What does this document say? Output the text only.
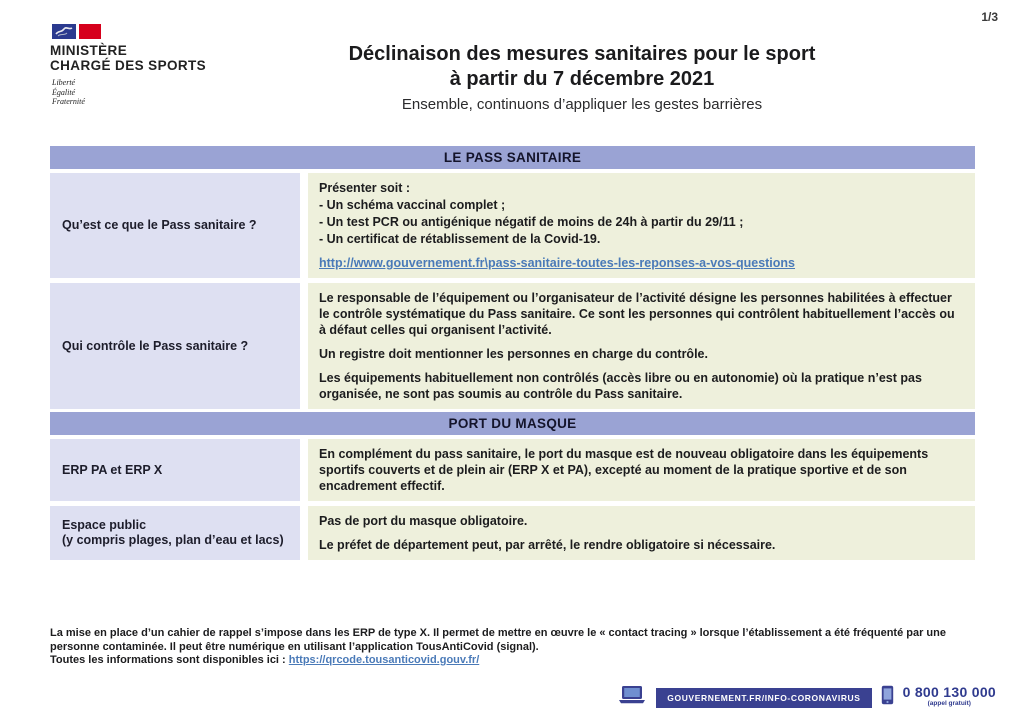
1/3
MINISTÈRE
CHARGÉ DES SPORTS
Liberté
Égalité
Fraternité
Déclinaison des mesures sanitaires pour le sport
à partir du 7 décembre 2021
Ensemble, continuons d’appliquer les gestes barrières
LE PASS SANITAIRE
Qu’est ce que le Pass sanitaire ?

Présenter soit :

- Un schéma vaccinal complet ;

- Un test PCR ou antigénique négatif de moins de 24h à partir du 29/11 ;

- Un certificat de rétablissement de la Covid-19.

http://www.gouvernement.fr\pass-sanitaire-toutes-les-reponses-a-vos-questions

Qui contrôle le Pass sanitaire ?

Le responsable de l’équipement ou l’organisateur de l’activité désigne les personnes habilitées à effectuer le contrôle systématique du Pass sanitaire. Ce sont les personnes qui contrôlent habituellement l’accès ou à défaut celles qui organisent l’activité.

Un registre doit mentionner les personnes en charge du contrôle.

Les équipements habituellement non contrôlés (accès libre ou en autonomie) où la pratique n’est pas organisée, ne sont pas soumis au contrôle du Pass sanitaire.

PORT DU MASQUE
ERP PA et ERP X

En complément du pass sanitaire, le port du masque est de nouveau obligatoire dans les équipements sportifs couverts et de plein air (ERP X et PA), excepté au moment de la pratique sportive et de son encadrement effectif.

Espace public
(y compris plages, plan d’eau et lacs)

Pas de port du masque obligatoire.

Le préfet de département peut, par arrêté, le rendre obligatoire si nécessaire.

La mise en place d’un cahier de rappel s’impose dans les ERP de type X. Il permet de mettre en œuvre le « contact tracing » lorsque l’établissement a été fréquenté par une personne contaminée. Il peut être numérique en utilisant l’application TousAntiCovid (signal).

Toutes les informations sont disponibles ici : https://qrcode.tousanticovid.gouv.fr/

GOUVERNEMENT.FR/INFO-CORONAVIRUS	0 800 130 000
(appel gratuit)
